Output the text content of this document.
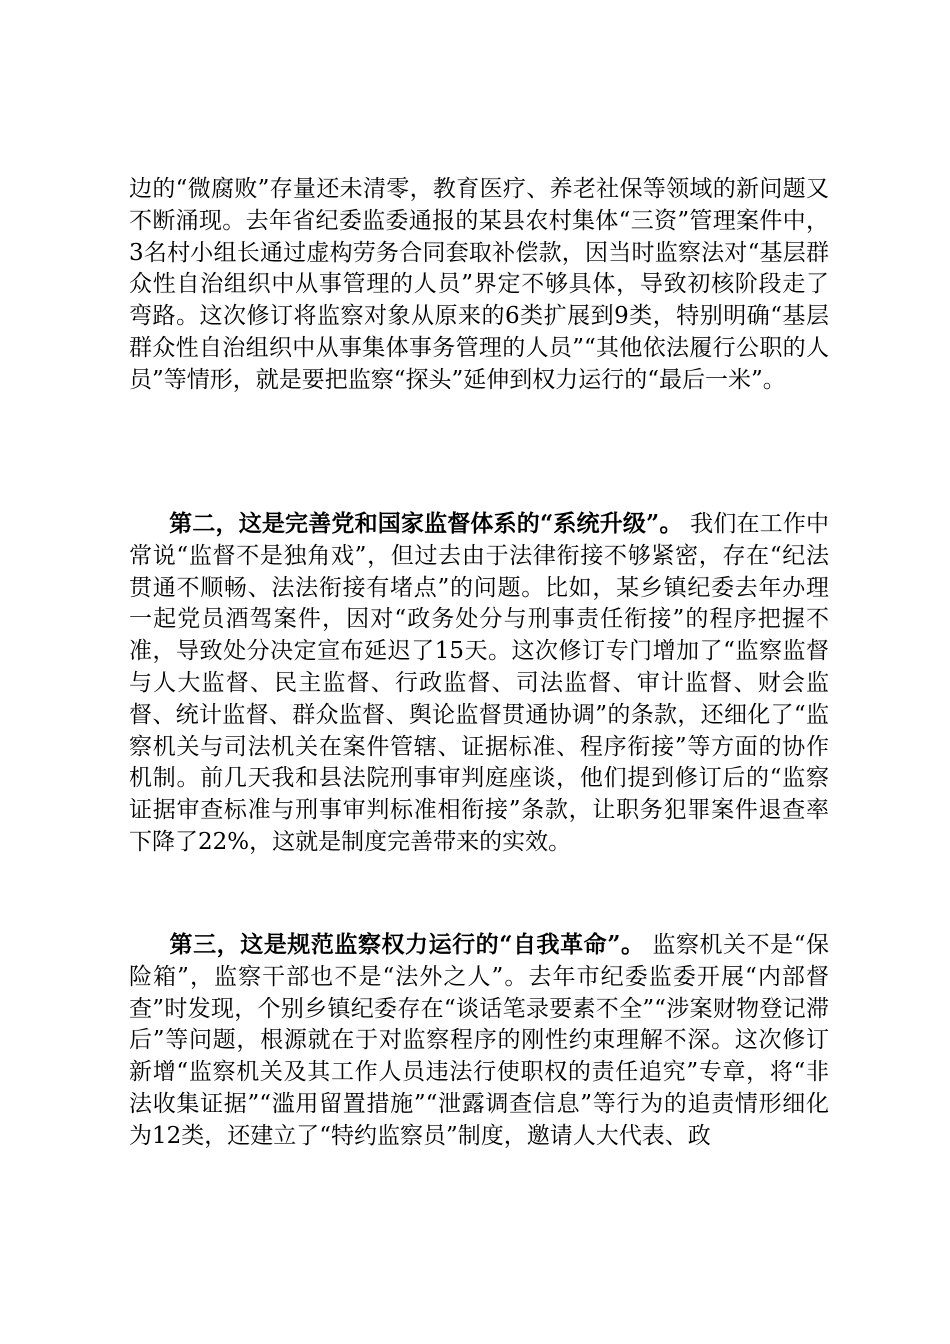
边的“微腐败”存量还未清零，教育医疗、养老社保等领域的新问题又不断涌现。去年省纪委监委通报的某县农村集体“三资”管理案件中，3名村小组长通过虚构劳务合同套取补偿款，因当时监察法对“基层群众性自治组织中从事管理的人员”界定不够具体，导致初核阶段走了弯路。这次修订将监察对象从原来的6类扩展到9类，特别明确“基层群众性自治组织中从事集体事务管理的人员”“其他依法履行公职的人员”等情形，就是要把监察“探头”延伸到权力运行的“最后一米”。

第二，这是完善党和国家监督体系的“系统升级”。 我们在工作中常说“监督不是独角戏”，但过去由于法律衔接不够紧密，存在“纪法贯通不顺畅、法法衔接有堵点”的问题。比如，某乡镇纪委去年办理一起党员酒驾案件，因对“政务处分与刑事责任衔接”的程序把握不准，导致处分决定宣布延迟了15天。这次修订专门增加了“监察监督与人大监督、民主监督、行政监督、司法监督、审计监督、财会监督、统计监督、群众监督、舆论监督贯通协调”的条款，还细化了“监察机关与司法机关在案件管辖、证据标准、程序衔接”等方面的协作机制。前几天我和县法院刑事审判庭座谈，他们提到修订后的“监察证据审查标准与刑事审判标准相衔接”条款，让职务犯罪案件退查率下降了22%，这就是制度完善带来的实效。

第三，这是规范监察权力运行的“自我革命”。 监察机关不是“保险箱”，监察干部也不是“法外之人”。去年市纪委监委开展“内部督查”时发现，个别乡镇纪委存在“谈话笔录要素不全”“涉案财物登记滞后”等问题，根源就在于对监察程序的刚性约束理解不深。这次修订新增“监察机关及其工作人员违法行使职权的责任追究”专章，将“非法收集证据”“滥用留置措施”“泄露调查信息”等行为的追责情形细化为12类，还建立了“特约监察员”制度，邀请人大代表、政
